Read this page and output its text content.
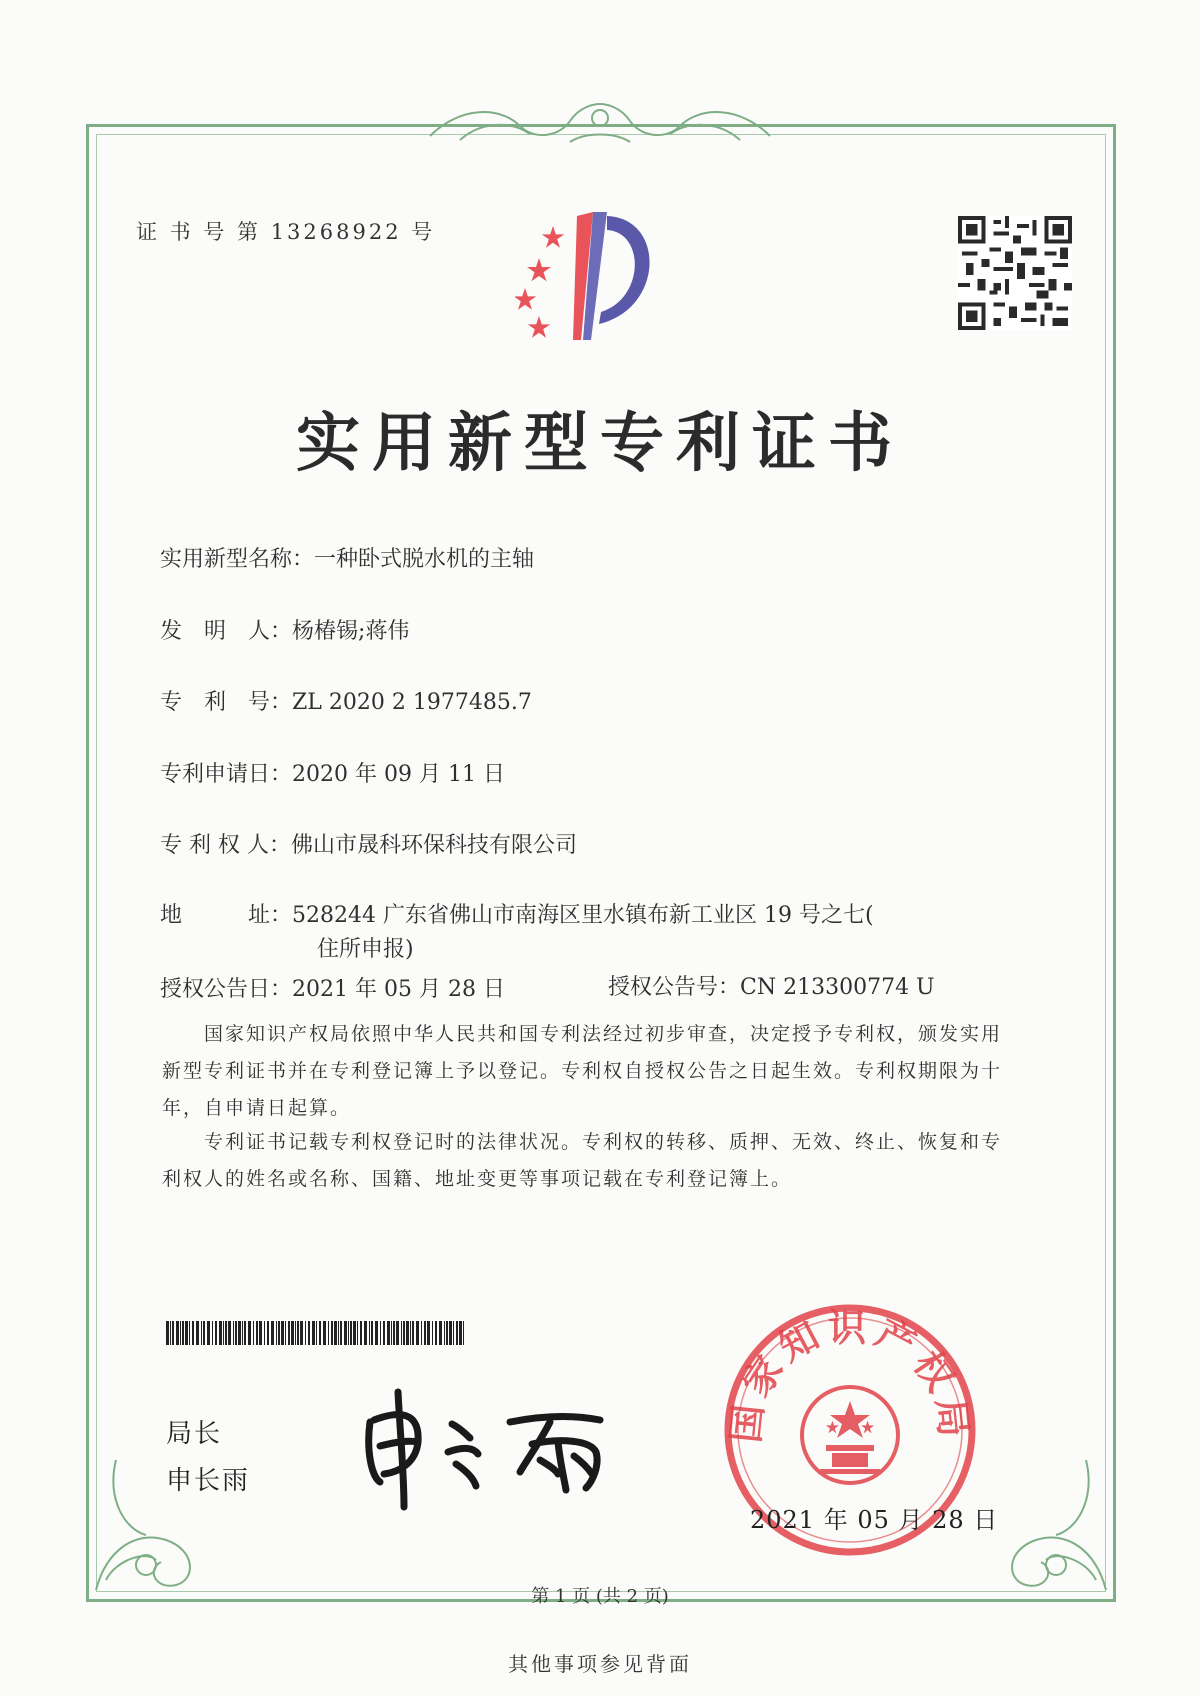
证 书 号 第 13268922 号
实用新型专利证书
实用新型名称：一种卧式脱水机的主轴
发　明　人：杨椿锡;蒋伟
专　利　号：ZL 2020 2 1977485.7
专利申请日：2020 年 09 月 11 日
专 利 权 人：佛山市晟科环保科技有限公司
地　　　址：528244 广东省佛山市南海区里水镇布新工业区 19 号之七(
住所申报)
授权公告日：2021 年 05 月 28 日	授权公告号：CN 213300774 U
　　国家知识产权局依照中华人民共和国专利法经过初步审查，决定授予专利权，颁发实用
新型专利证书并在专利登记簿上予以登记。专利权自授权公告之日起生效。专利权期限为十
年，自申请日起算。
　　专利证书记载专利权登记时的法律状况。专利权的转移、质押、无效、终止、恢复和专
利权人的姓名或名称、国籍、地址变更等事项记载在专利登记簿上。
局长
申长雨
国家知识产权局
2021 年 05 月 28 日
第 1 页 (共 2 页)
其他事项参见背面
